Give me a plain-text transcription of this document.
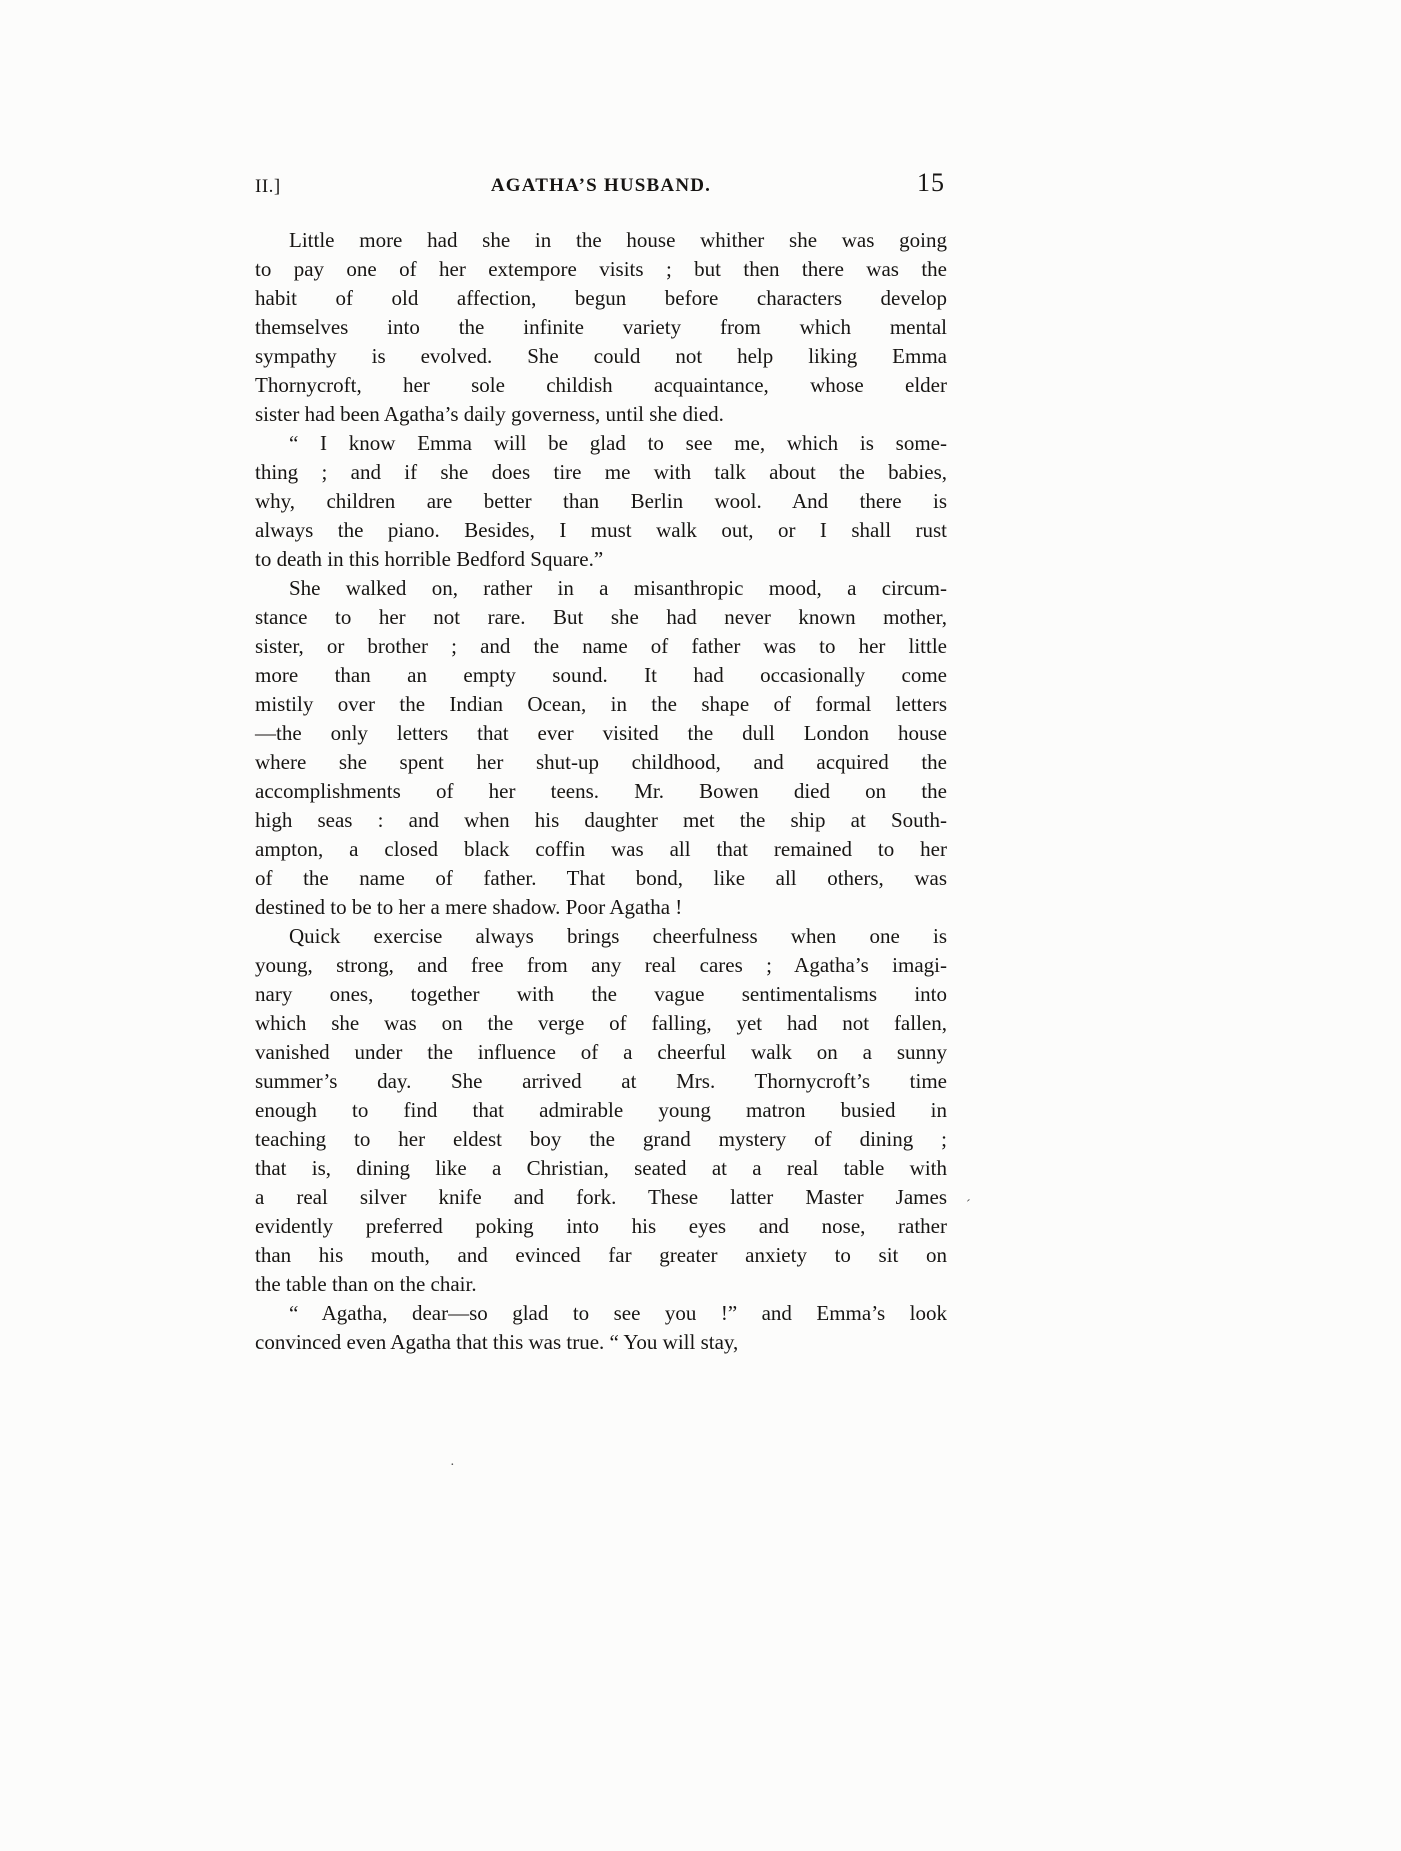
II.]	AGATHA’S HUSBAND.	15
Little more had she in the house whither she was going
to pay one of her extempore visits ; but then there was the
habit of old affection, begun before characters develop
themselves into the infinite variety from which mental
sympathy is evolved. She could not help liking Emma
Thornycroft, her sole childish acquaintance, whose elder
sister had been Agatha’s daily governess, until she died.
“ I know Emma will be glad to see me, which is some-
thing ; and if she does tire me with talk about the babies,
why, children are better than Berlin wool. And there is
always the piano. Besides, I must walk out, or I shall rust
to death in this horrible Bedford Square.”
She walked on, rather in a misanthropic mood, a circum-
stance to her not rare. But she had never known mother,
sister, or brother ; and the name of father was to her little
more than an empty sound. It had occasionally come
mistily over the Indian Ocean, in the shape of formal letters
—the only letters that ever visited the dull London house
where she spent her shut-up childhood, and acquired the
accomplishments of her teens. Mr. Bowen died on the
high seas : and when his daughter met the ship at South-
ampton, a closed black coffin was all that remained to her
of the name of father. That bond, like all others, was
destined to be to her a mere shadow. Poor Agatha !
Quick exercise always brings cheerfulness when one is
young, strong, and free from any real cares ; Agatha’s imagi-
nary ones, together with the vague sentimentalisms into
which she was on the verge of falling, yet had not fallen,
vanished under the influence of a cheerful walk on a sunny
summer’s day. She arrived at Mrs. Thornycroft’s time
enough to find that admirable young matron busied in
teaching to her eldest boy the grand mystery of dining ;
that is, dining like a Christian, seated at a real table with
a real silver knife and fork. These latter Master James
evidently preferred poking into his eyes and nose, rather
than his mouth, and evinced far greater anxiety to sit on
the table than on the chair.
“ Agatha, dear—so glad to see you !” and Emma’s look
convinced even Agatha that this was true. “ You will stay,
´
·
